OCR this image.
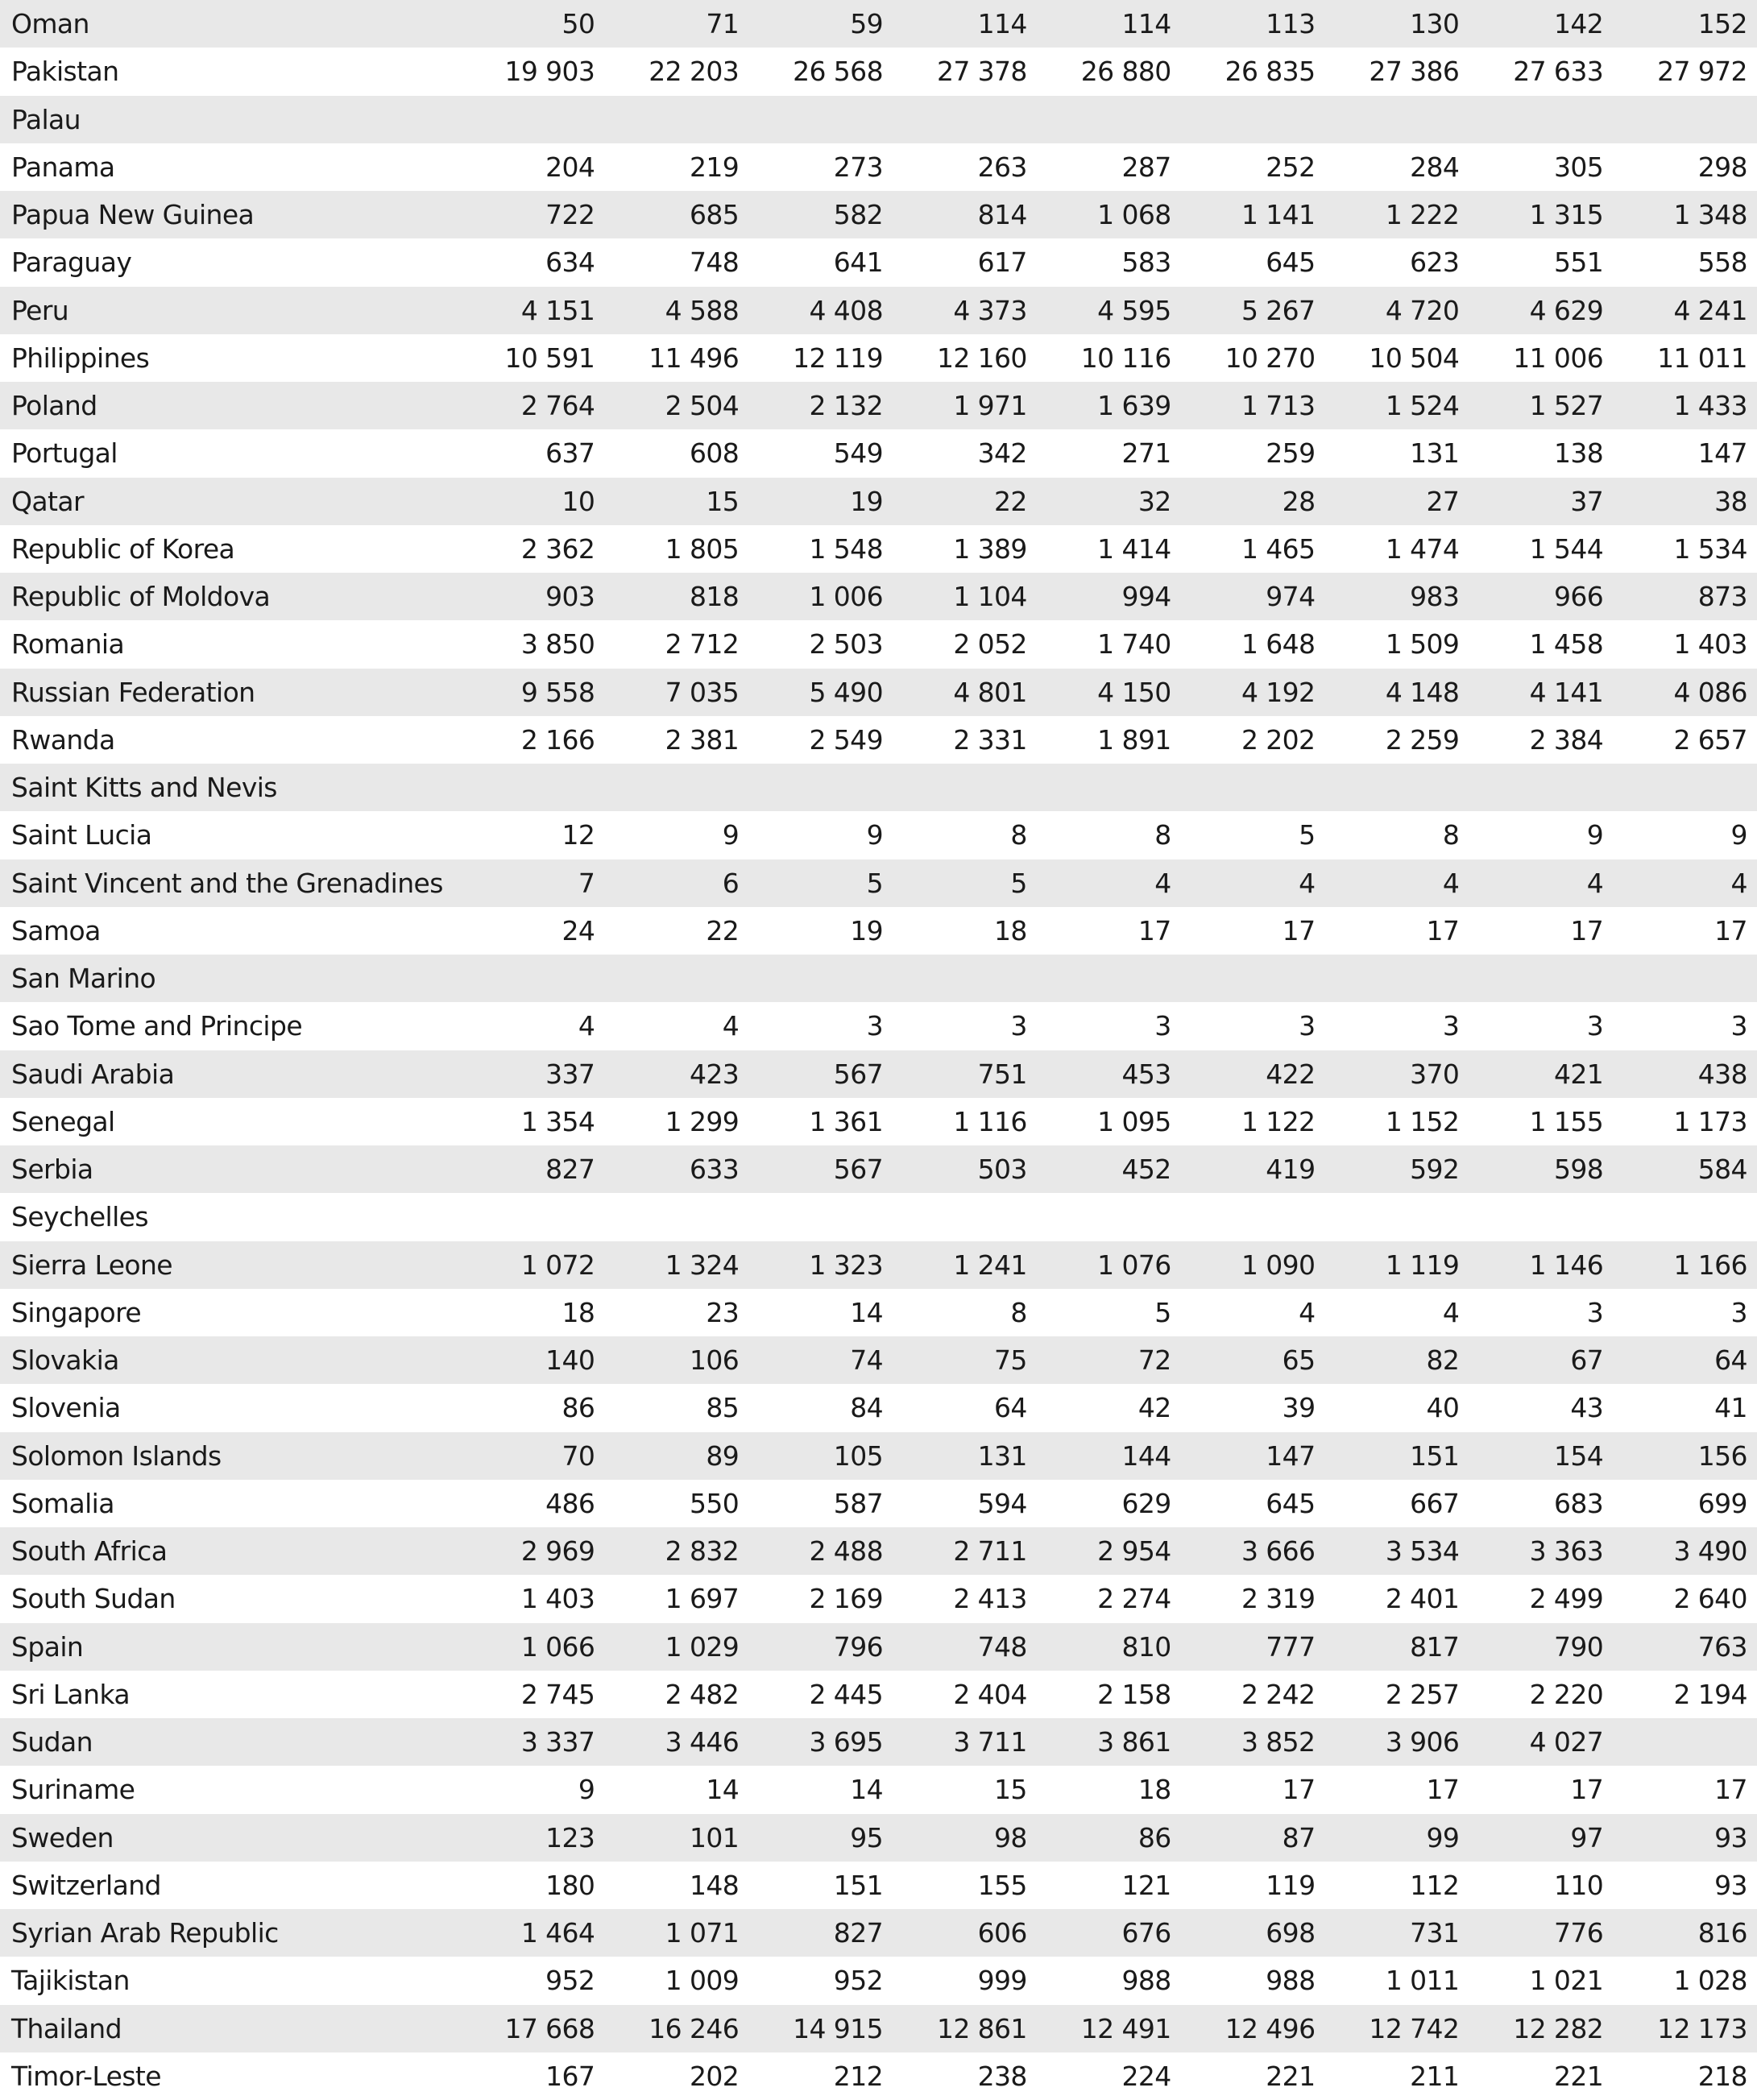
Oman	50	71	59	114	114	113	130	142	152
Pakistan	19 903	22 203	26 568	27 378	26 880	26 835	27 386	27 633	27 972
Palau
Panama	204	219	273	263	287	252	284	305	298
Papua New Guinea	722	685	582	814	1 068	1 141	1 222	1 315	1 348
Paraguay	634	748	641	617	583	645	623	551	558
Peru	4 151	4 588	4 408	4 373	4 595	5 267	4 720	4 629	4 241
Philippines	10 591	11 496	12 119	12 160	10 116	10 270	10 504	11 006	11 011
Poland	2 764	2 504	2 132	1 971	1 639	1 713	1 524	1 527	1 433
Portugal	637	608	549	342	271	259	131	138	147
Qatar	10	15	19	22	32	28	27	37	38
Republic of Korea	2 362	1 805	1 548	1 389	1 414	1 465	1 474	1 544	1 534
Republic of Moldova	903	818	1 006	1 104	994	974	983	966	873
Romania	3 850	2 712	2 503	2 052	1 740	1 648	1 509	1 458	1 403
Russian Federation	9 558	7 035	5 490	4 801	4 150	4 192	4 148	4 141	4 086
Rwanda	2 166	2 381	2 549	2 331	1 891	2 202	2 259	2 384	2 657
Saint Kitts and Nevis
Saint Lucia	12	9	9	8	8	5	8	9	9
Saint Vincent and the Grenadines	7	6	5	5	4	4	4	4	4
Samoa	24	22	19	18	17	17	17	17	17
San Marino
Sao Tome and Principe	4	4	3	3	3	3	3	3	3
Saudi Arabia	337	423	567	751	453	422	370	421	438
Senegal	1 354	1 299	1 361	1 116	1 095	1 122	1 152	1 155	1 173
Serbia	827	633	567	503	452	419	592	598	584
Seychelles
Sierra Leone	1 072	1 324	1 323	1 241	1 076	1 090	1 119	1 146	1 166
Singapore	18	23	14	8	5	4	4	3	3
Slovakia	140	106	74	75	72	65	82	67	64
Slovenia	86	85	84	64	42	39	40	43	41
Solomon Islands	70	89	105	131	144	147	151	154	156
Somalia	486	550	587	594	629	645	667	683	699
South Africa	2 969	2 832	2 488	2 711	2 954	3 666	3 534	3 363	3 490
South Sudan	1 403	1 697	2 169	2 413	2 274	2 319	2 401	2 499	2 640
Spain	1 066	1 029	796	748	810	777	817	790	763
Sri Lanka	2 745	2 482	2 445	2 404	2 158	2 242	2 257	2 220	2 194
Sudan	3 337	3 446	3 695	3 711	3 861	3 852	3 906	4 027
Suriname	9	14	14	15	18	17	17	17	17
Sweden	123	101	95	98	86	87	99	97	93
Switzerland	180	148	151	155	121	119	112	110	93
Syrian Arab Republic	1 464	1 071	827	606	676	698	731	776	816
Tajikistan	952	1 009	952	999	988	988	1 011	1 021	1 028
Thailand	17 668	16 246	14 915	12 861	12 491	12 496	12 742	12 282	12 173
Timor-Leste	167	202	212	238	224	221	211	221	218
